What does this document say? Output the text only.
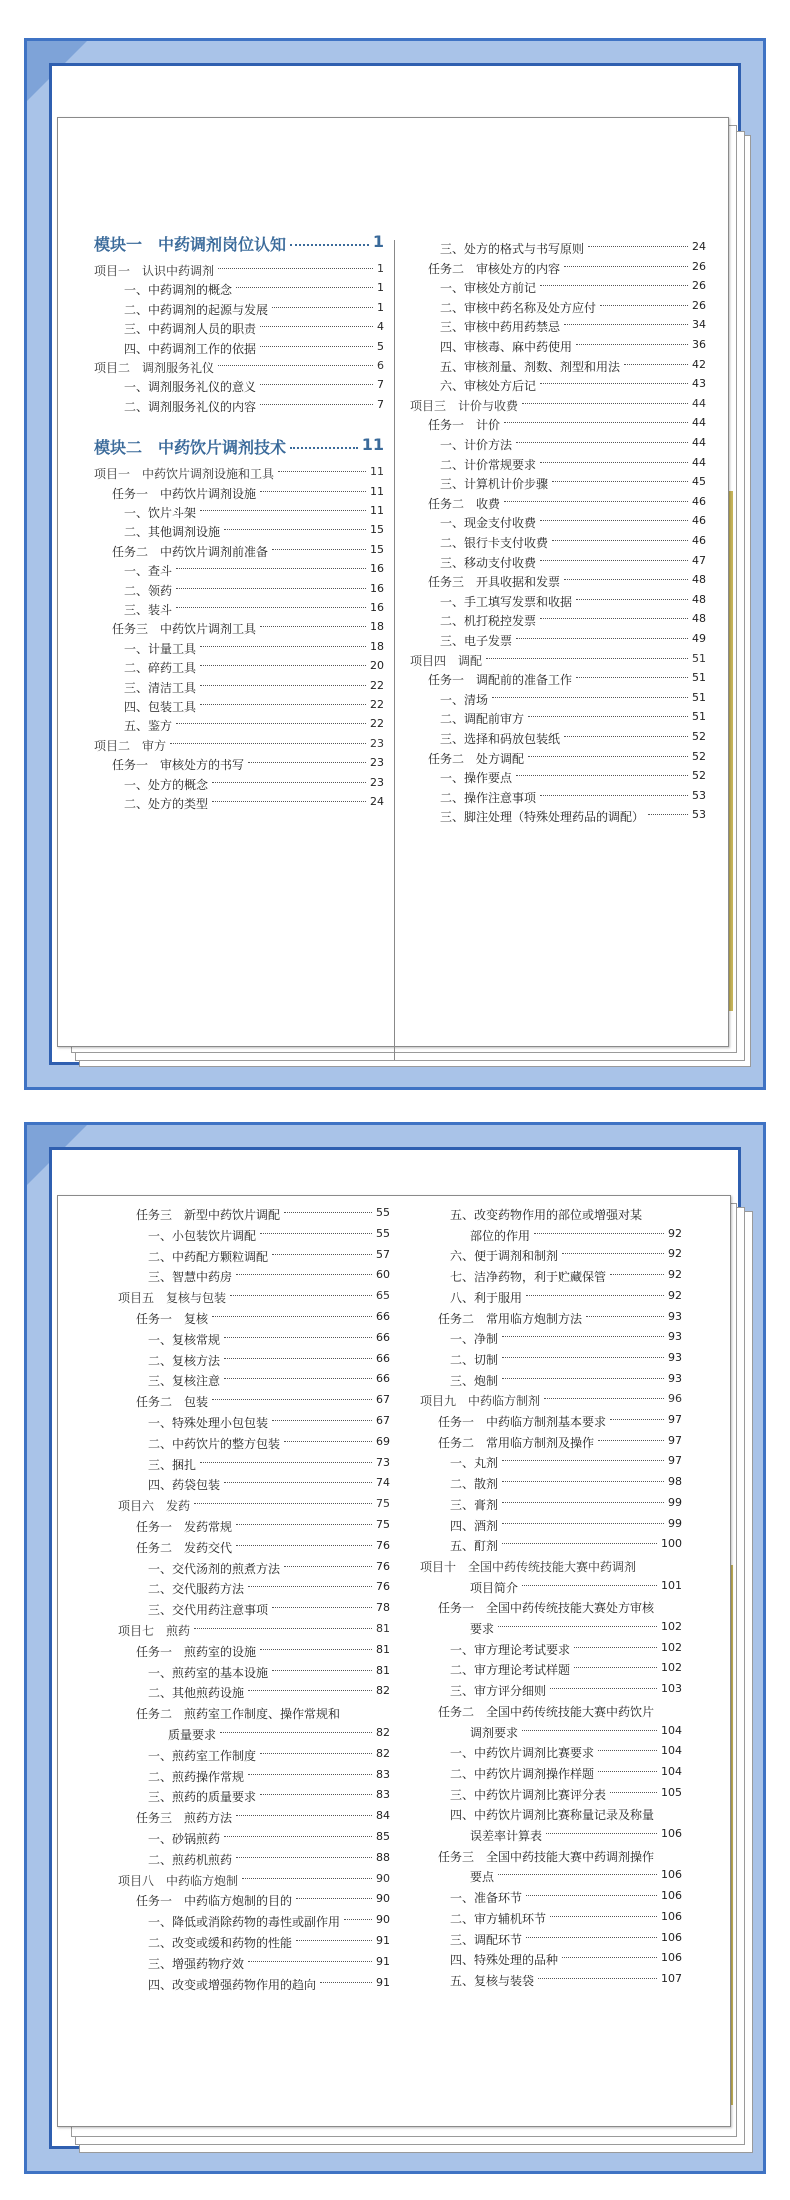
模块一　中药调剂岗位认知	1
项目一　认识中药调剂	1
一、中药调剂的概念	1
二、中药调剂的起源与发展	1
三、中药调剂人员的职责	4
四、中药调剂工作的依据	5
项目二　调剂服务礼仪	6
一、调剂服务礼仪的意义	7
二、调剂服务礼仪的内容	7
模块二　中药饮片调剂技术	11
项目一　中药饮片调剂设施和工具	11
任务一　中药饮片调剂设施	11
一、饮片斗架	11
二、其他调剂设施	15
任务二　中药饮片调剂前准备	15
一、查斗	16
二、领药	16
三、装斗	16
任务三　中药饮片调剂工具	18
一、计量工具	18
二、碎药工具	20
三、清洁工具	22
四、包装工具	22
五、鉴方	22
项目二　审方	23
任务一　审核处方的书写	23
一、处方的概念	23
二、处方的类型	24
三、处方的格式与书写原则	24
任务二　审核处方的内容	26
一、审核处方前记	26
二、审核中药名称及处方应付	26
三、审核中药用药禁忌	34
四、审核毒、麻中药使用	36
五、审核剂量、剂数、剂型和用法	42
六、审核处方后记	43
项目三　计价与收费	44
任务一　计价	44
一、计价方法	44
二、计价常规要求	44
三、计算机计价步骤	45
任务二　收费	46
一、现金支付收费	46
二、银行卡支付收费	46
三、移动支付收费	47
任务三　开具收据和发票	48
一、手工填写发票和收据	48
二、机打税控发票	48
三、电子发票	49
项目四　调配	51
任务一　调配前的准备工作	51
一、清场	51
二、调配前审方	51
三、选择和码放包装纸	52
任务二　处方调配	52
一、操作要点	52
二、操作注意事项	53
三、脚注处理（特殊处理药品的调配）	53
任务三　新型中药饮片调配	55
一、小包装饮片调配	55
二、中药配方颗粒调配	57
三、智慧中药房	60
项目五　复核与包装	65
任务一　复核	66
一、复核常规	66
二、复核方法	66
三、复核注意	66
任务二　包装	67
一、特殊处理小包包装	67
二、中药饮片的整方包装	69
三、捆扎	73
四、药袋包装	74
项目六　发药	75
任务一　发药常规	75
任务二　发药交代	76
一、交代汤剂的煎煮方法	76
二、交代服药方法	76
三、交代用药注意事项	78
项目七　煎药	81
任务一　煎药室的设施	81
一、煎药室的基本设施	81
二、其他煎药设施	82
任务二　煎药室工作制度、操作常规和
质量要求	82
一、煎药室工作制度	82
二、煎药操作常规	83
三、煎药的质量要求	83
任务三　煎药方法	84
一、砂锅煎药	85
二、煎药机煎药	88
项目八　中药临方炮制	90
任务一　中药临方炮制的目的	90
一、降低或消除药物的毒性或副作用	90
二、改变或缓和药物的性能	91
三、增强药物疗效	91
四、改变或增强药物作用的趋向	91
五、改变药物作用的部位或增强对某
部位的作用	92
六、便于调剂和制剂	92
七、洁净药物，利于贮藏保管	92
八、利于服用	92
任务二　常用临方炮制方法	93
一、净制	93
二、切制	93
三、炮制	93
项目九　中药临方制剂	96
任务一　中药临方制剂基本要求	97
任务二　常用临方制剂及操作	97
一、丸剂	97
二、散剂	98
三、膏剂	99
四、酒剂	99
五、酊剂	100
项目十　全国中药传统技能大赛中药调剂
项目简介	101
任务一　全国中药传统技能大赛处方审核
要求	102
一、审方理论考试要求	102
二、审方理论考试样题	102
三、审方评分细则	103
任务二　全国中药传统技能大赛中药饮片
调剂要求	104
一、中药饮片调剂比赛要求	104
二、中药饮片调剂操作样题	104
三、中药饮片调剂比赛评分表	105
四、中药饮片调剂比赛称量记录及称量
误差率计算表	106
任务三　全国中药技能大赛中药调剂操作
要点	106
一、准备环节	106
二、审方辅机环节	106
三、调配环节	106
四、特殊处理的品种	106
五、复核与装袋	107
